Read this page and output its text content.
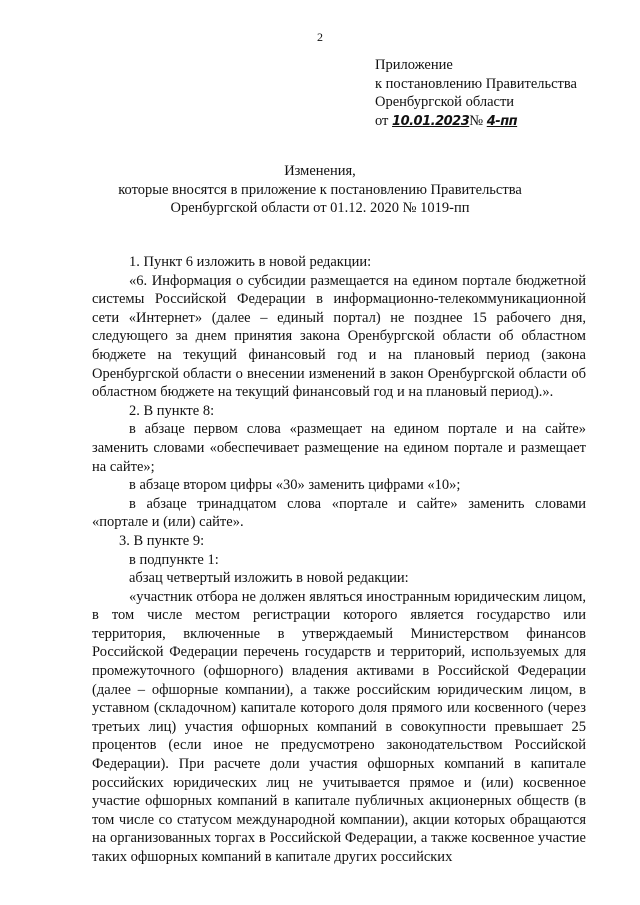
2
Приложение
к постановлению Правительства
Оренбургской области
от 10.01.2023№ 4-пп
Изменения,
которые вносятся в приложение к постановлению Правительства
Оренбургской области от 01.12. 2020 № 1019-пп

1. Пункт 6 изложить в новой редакции:

«6. Информация о субсидии размещается на едином портале бюджетной системы Российской Федерации в информационно-телекоммуникационной сети «Интернет» (далее – единый портал) не позднее 15 рабочего дня, следующего за днем принятия закона Оренбургской области об областном бюджете на текущий финансовый год и на плановый период (закона Оренбургской области о внесении изменений в закон Оренбургской области об областном бюджете на текущий финансовый год и на плановый период).».

2. В пункте 8:

в абзаце первом слова «размещает на едином портале и на сайте» заменить словами «обеспечивает размещение на едином портале и размещает на сайте»;

в абзаце втором цифры «30» заменить цифрами «10»;

в абзаце тринадцатом слова «портале и сайте» заменить словами «портале и (или) сайте».

3. В пункте 9:

в подпункте 1:

абзац четвертый изложить в новой редакции:

«участник отбора не должен являться иностранным юридическим лицом, в том числе местом регистрации которого является государство или территория, включенные в утверждаемый Министерством финансов Российской Федерации перечень государств и территорий, используемых для промежуточного (офшорного) владения активами в Российской Федерации (далее – офшорные компании), а также российским юридическим лицом, в уставном (складочном) капитале которого доля прямого или косвенного (через третьих лиц) участия офшорных компаний в совокупности превышает 25 процентов (если иное не предусмотрено законодательством Российской Федерации). При расчете доли участия офшорных компаний в капитале российских юридических лиц не учитывается прямое и (или) косвенное участие офшорных компаний в капитале публичных акционерных обществ (в том числе со статусом международной компании), акции которых обращаются на организованных торгах в Российской Федерации, а также косвенное участие таких офшорных компаний в капитале других российских
